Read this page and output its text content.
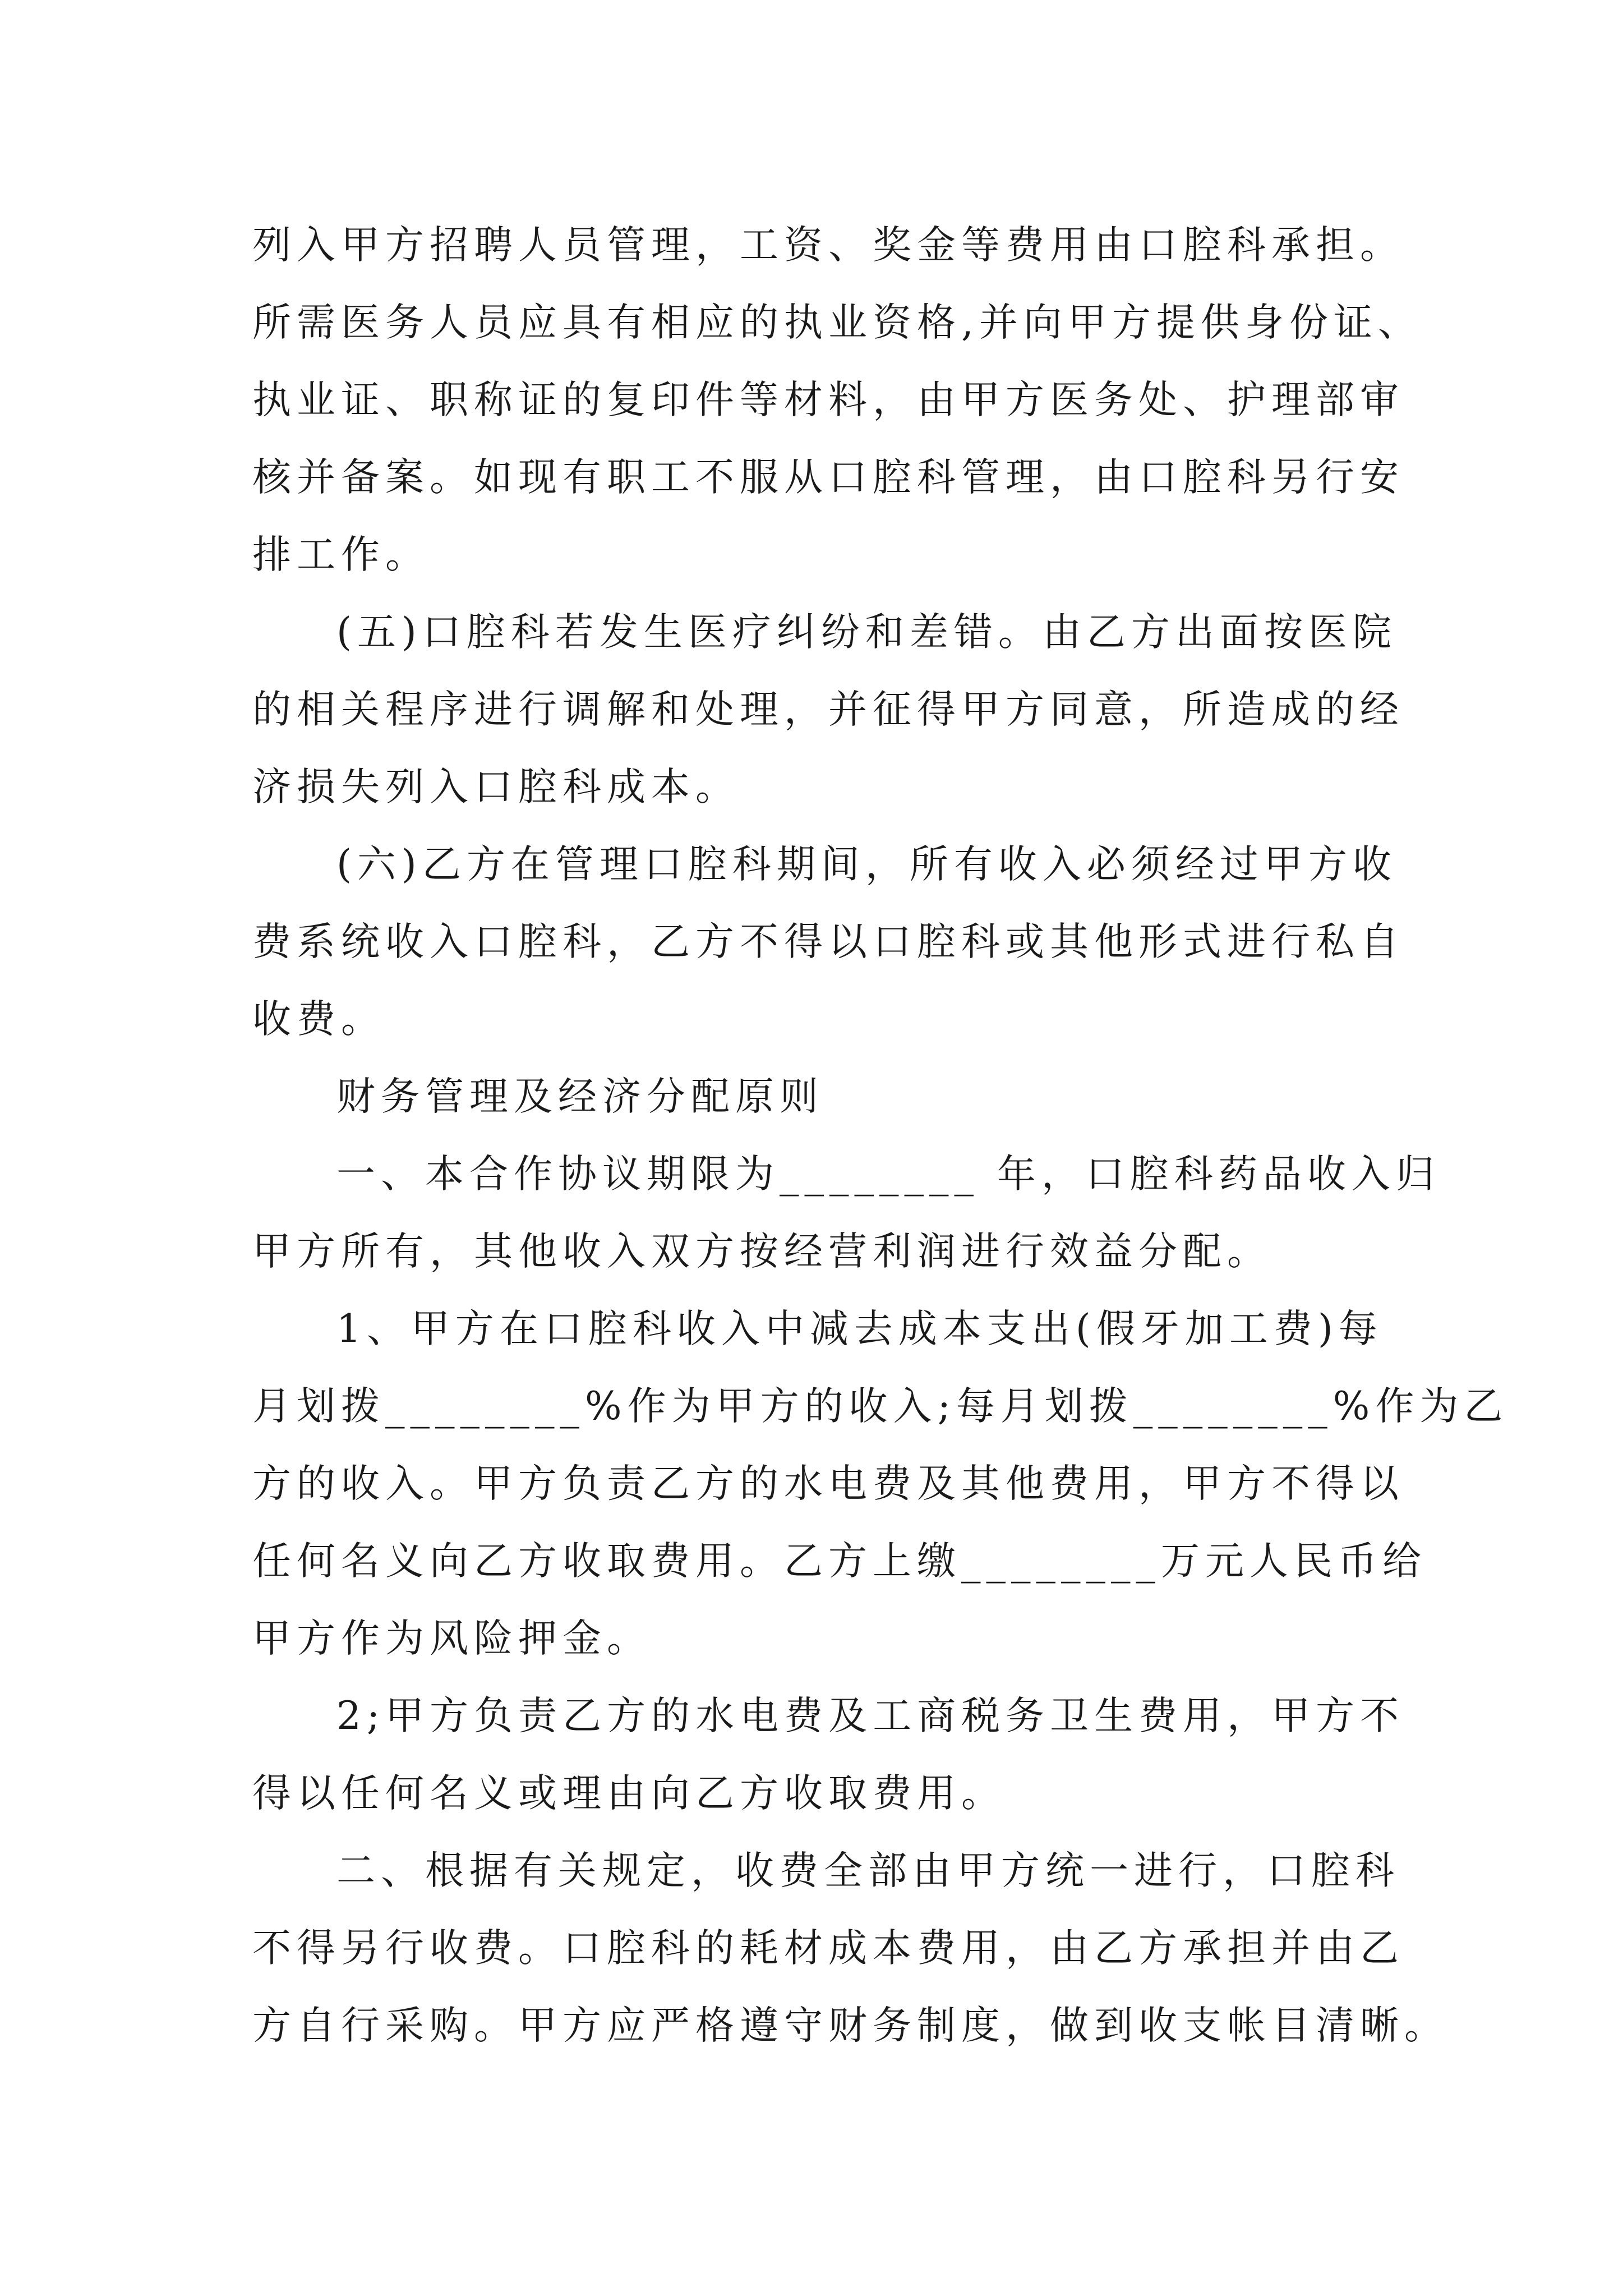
列入甲方招聘人员管理，工资、奖金等费用由口腔科承担。
所需医务人员应具有相应的执业资格,并向甲方提供身份证、
执业证、职称证的复印件等材料，由甲方医务处、护理部审
核并备案。如现有职工不服从口腔科管理，由口腔科另行安
排工作。
(五)口腔科若发生医疗纠纷和差错。由乙方出面按医院
的相关程序进行调解和处理，并征得甲方同意，所造成的经
济损失列入口腔科成本。
(六)乙方在管理口腔科期间，所有收入必须经过甲方收
费系统收入口腔科，乙方不得以口腔科或其他形式进行私自
收费。
财务管理及经济分配原则
一、本合作协议期限为________ 年，口腔科药品收入归
甲方所有，其他收入双方按经营利润进行效益分配。
1、甲方在口腔科收入中减去成本支出(假牙加工费)每
月划拨________%作为甲方的收入;每月划拨________%作为乙
方的收入。甲方负责乙方的水电费及其他费用，甲方不得以
任何名义向乙方收取费用。乙方上缴________万元人民币给
甲方作为风险押金。
2;甲方负责乙方的水电费及工商税务卫生费用，甲方不
得以任何名义或理由向乙方收取费用。
二、根据有关规定，收费全部由甲方统一进行，口腔科
不得另行收费。口腔科的耗材成本费用，由乙方承担并由乙
方自行采购。甲方应严格遵守财务制度，做到收支帐目清晰。
